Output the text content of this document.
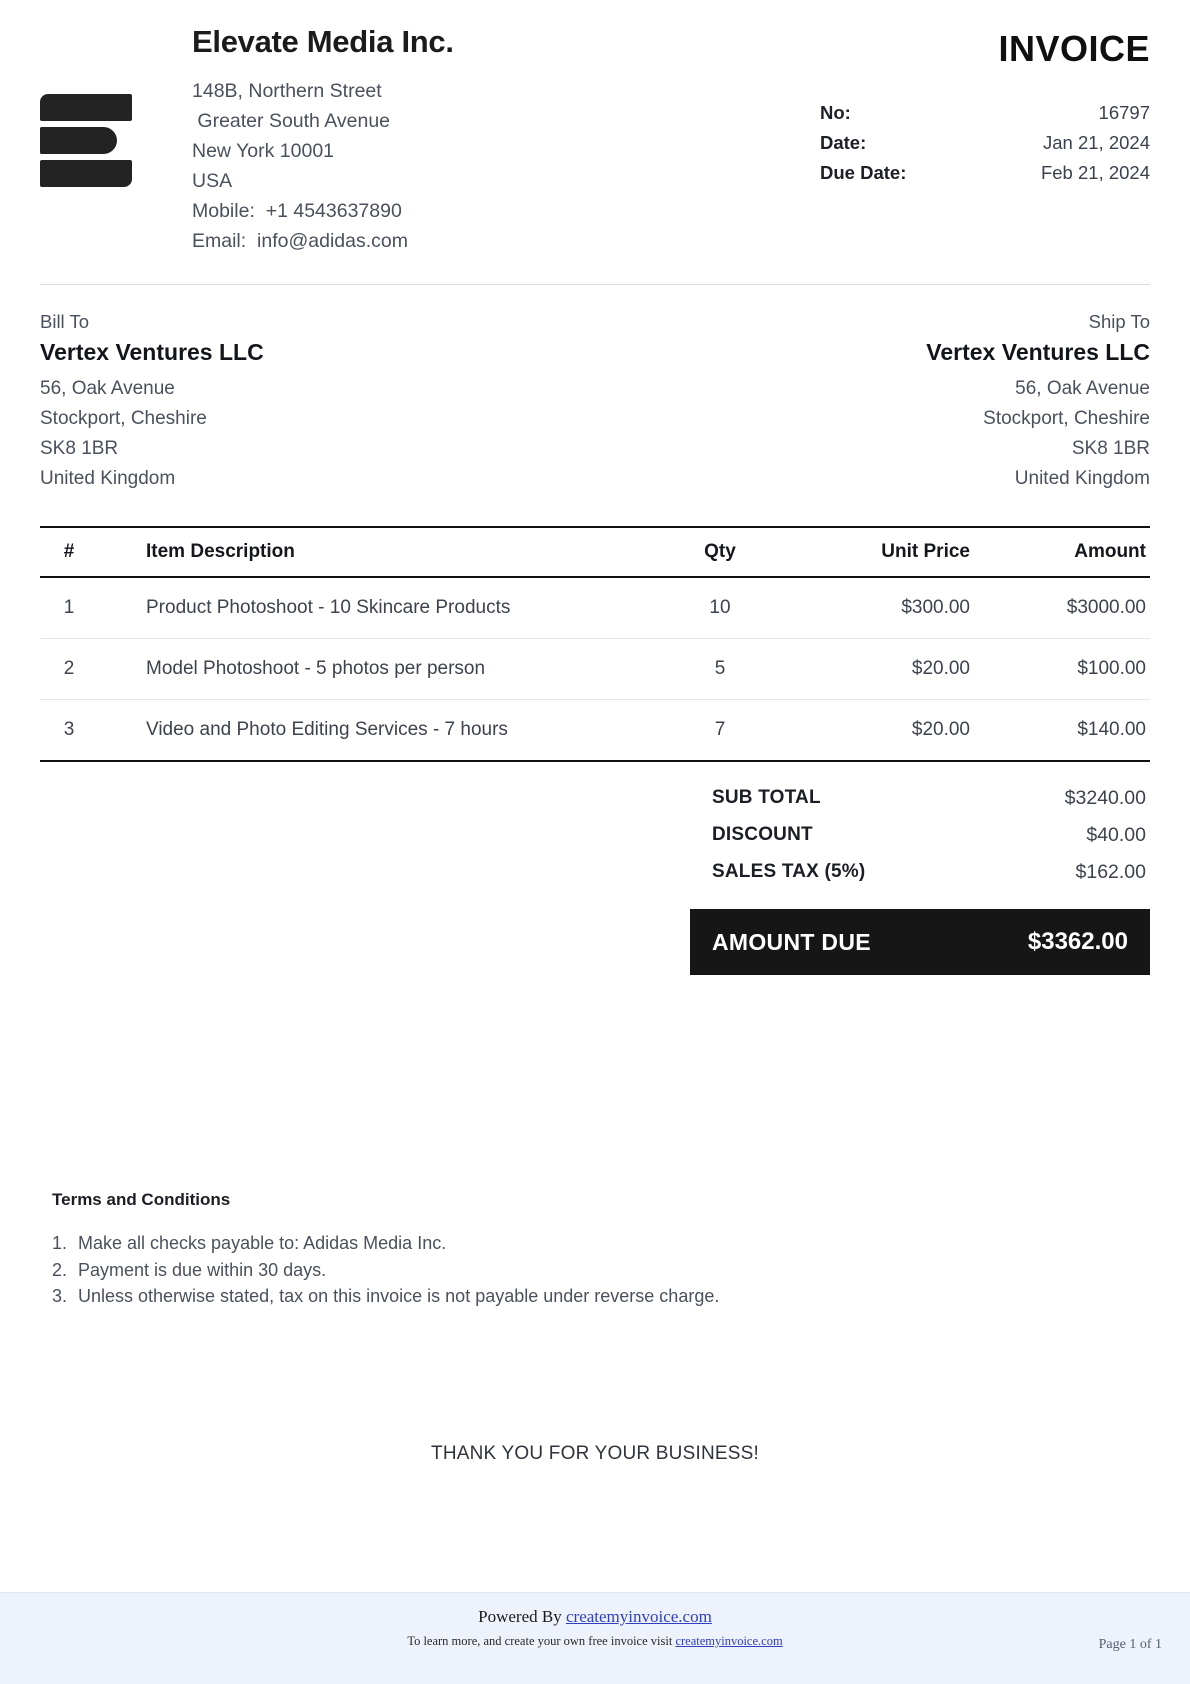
Elevate Media Inc.
148B, Northern Street
Greater South Avenue
New York 10001
USA
Mobile:  +1 4543637890
Email:  info@adidas.com
INVOICE
No:	16797
Date:	Jan 21, 2024
Due Date:	Feb 21, 2024
Bill To
Vertex Ventures LLC
56, Oak Avenue
Stockport, Cheshire
SK8 1BR
United Kingdom
Ship To
Vertex Ventures LLC
56, Oak Avenue
Stockport, Cheshire
SK8 1BR
United Kingdom
#	Item Description	Qty	Unit Price	Amount
1	Product Photoshoot - 10 Skincare Products	10	$300.00	$3000.00
2	Model Photoshoot - 5 photos per person	5	$20.00	$100.00
3	Video and Photo Editing Services - 7 hours	7	$20.00	$140.00
SUB TOTAL	$3240.00
DISCOUNT	$40.00
SALES TAX (5%)	$162.00
AMOUNT DUE	$3362.00
Terms and Conditions
1. Make all checks payable to: Adidas Media Inc.
2. Payment is due within 30 days.
3. Unless otherwise stated, tax on this invoice is not payable under reverse charge.
THANK YOU FOR YOUR BUSINESS!
Powered By createmyinvoice.com
To learn more, and create your own free invoice visit createmyinvoice.com	Page 1 of 1
